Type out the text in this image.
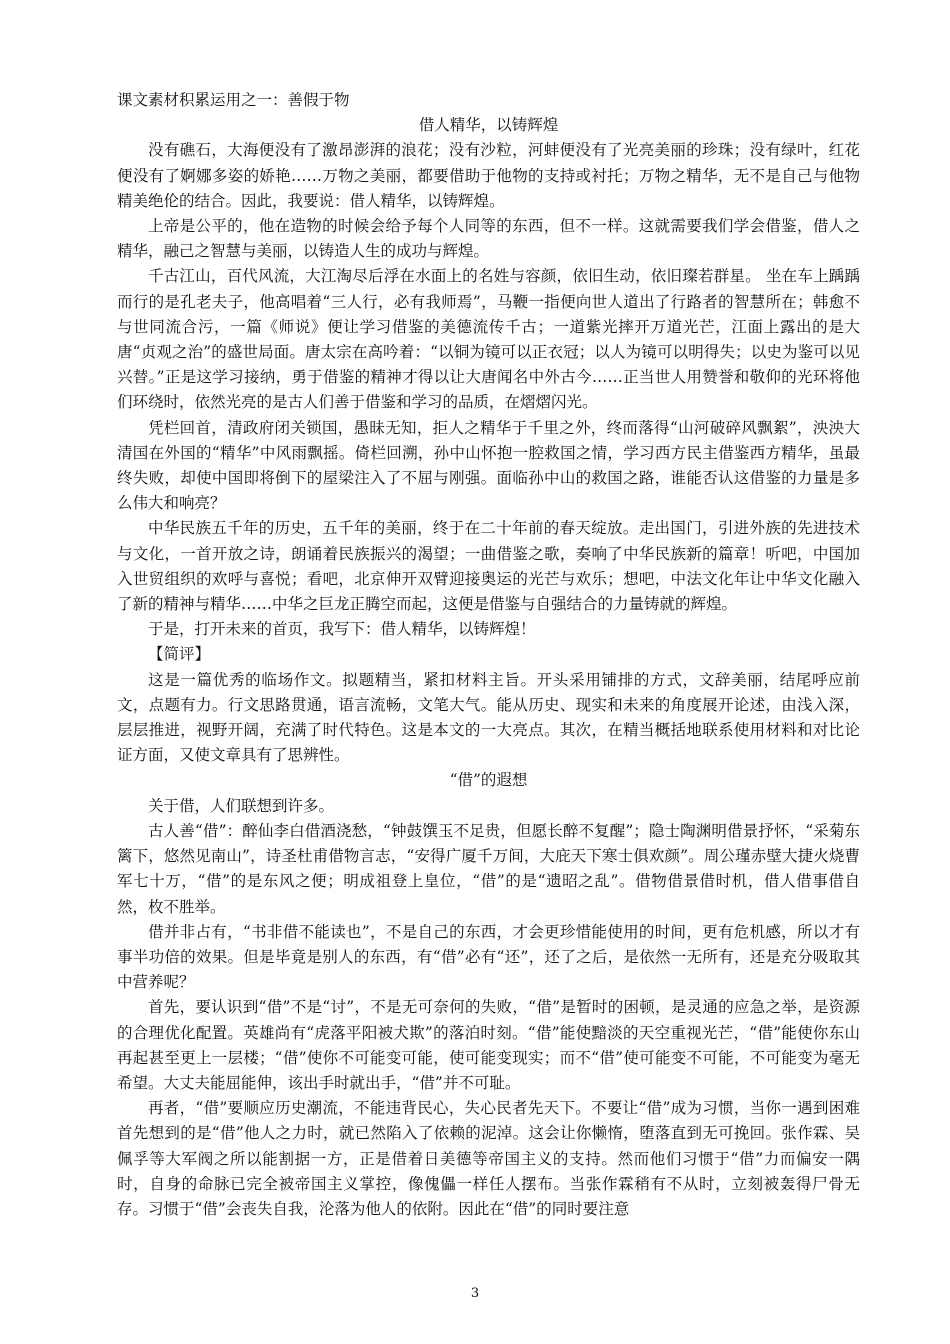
课文素材积累运用之一：善假于物

借人精华，以铸辉煌

没有礁石，大海便没有了激昂澎湃的浪花；没有沙粒，河蚌便没有了光亮美丽的珍珠；没有绿叶，红花便没有了婀娜多姿的娇艳……万物之美丽，都要借助于他物的支持或衬托；万物之精华，无不是自己与他物精美绝伦的结合。因此，我要说：借人精华，以铸辉煌。

上帝是公平的，他在造物的时候会给予每个人同等的东西，但不一样。这就需要我们学会借鉴，借人之精华，融己之智慧与美丽，以铸造人生的成功与辉煌。

千古江山，百代风流，大江淘尽后浮在水面上的名姓与容颜，依旧生动，依旧璨若群星。 坐在车上踽踽而行的是孔老夫子，他高唱着“三人行，必有我师焉”，马鞭一指便向世人道出了行路者的智慧所在；韩愈不与世同流合污，一篇《师说》便让学习借鉴的美德流传千古；一道紫光摔开万道光芒，江面上露出的是大唐“贞观之治”的盛世局面。唐太宗在高吟着：“以铜为镜可以正衣冠；以人为镜可以明得失；以史为鉴可以见兴替。”正是这学习接纳，勇于借鉴的精神才得以让大唐闻名中外古今……正当世人用赞誉和敬仰的光环将他们环绕时，依然光亮的是古人们善于借鉴和学习的品质，在熠熠闪光。

凭栏回首，清政府闭关锁国，愚昧无知，拒人之精华于千里之外，终而落得“山河破碎风飘絮”，泱泱大清国在外国的“精华”中风雨飘摇。倚栏回溯，孙中山怀抱一腔救国之情，学习西方民主借鉴西方精华，虽最终失败，却使中国即将倒下的屋梁注入了不屈与刚强。面临孙中山的救国之路，谁能否认这借鉴的力量是多么伟大和响亮？

中华民族五千年的历史，五千年的美丽，终于在二十年前的春天绽放。走出国门，引进外族的先进技术与文化，一首开放之诗，朗诵着民族振兴的渴望；一曲借鉴之歌，奏响了中华民族新的篇章！听吧，中国加入世贸组织的欢呼与喜悦；看吧，北京伸开双臂迎接奥运的光芒与欢乐；想吧，中法文化年让中华文化融入了新的精神与精华……中华之巨龙正腾空而起，这便是借鉴与自强结合的力量铸就的辉煌。

于是，打开未来的首页，我写下：借人精华，以铸辉煌！

【简评】

这是一篇优秀的临场作文。拟题精当，紧扣材料主旨。开头采用铺排的方式，文辞美丽，结尾呼应前文，点题有力。行文思路贯通，语言流畅，文笔大气。能从历史、现实和未来的角度展开论述，由浅入深，层层推进，视野开阔，充满了时代特色。这是本文的一大亮点。其次，在精当概括地联系使用材料和对比论证方面，又使文章具有了思辨性。

“借”的遐想

关于借，人们联想到许多。

古人善“借”：醉仙李白借酒浇愁，“钟鼓馔玉不足贵，但愿长醉不复醒”；隐士陶渊明借景抒怀，“采菊东篱下，悠然见南山”，诗圣杜甫借物言志，“安得广厦千万间，大庇天下寒士俱欢颜”。周公瑾赤壁大捷火烧曹军七十万，“借”的是东风之便；明成祖登上皇位，“借”的是“遗昭之乱”。借物借景借时机，借人借事借自然，枚不胜举。

借并非占有，“书非借不能读也”，不是自己的东西，才会更珍惜能使用的时间，更有危机感，所以才有事半功倍的效果。但是毕竟是别人的东西，有“借”必有“还”，还了之后，是依然一无所有，还是充分吸取其中营养呢？

首先，要认识到“借”不是“讨”，不是无可奈何的失败，“借”是暂时的困顿，是灵通的应急之举，是资源的合理优化配置。英雄尚有“虎落平阳被犬欺”的落泊时刻。“借”能使黯淡的天空重视光芒，“借”能使你东山再起甚至更上一层楼；“借”使你不可能变可能，使可能变现实；而不“借”使可能变不可能，不可能变为毫无希望。大丈夫能屈能伸，该出手时就出手，“借”并不可耻。

再者，“借”要顺应历史潮流，不能违背民心，失心民者先天下。不要让“借”成为习惯，当你一遇到困难首先想到的是“借”他人之力时，就已然陷入了依赖的泥淖。这会让你懒惰，堕落直到无可挽回。张作霖、吴佩孚等大军阀之所以能割据一方，正是借着日美德等帝国主义的支持。然而他们习惯于“借”力而偏安一隅时，自身的命脉已完全被帝国主义掌控，像傀儡一样任人摆布。当张作霖稍有不从时，立刻被轰得尸骨无存。习惯于“借”会丧失自我，沦落为他人的依附。因此在“借”的同时要注意

3
